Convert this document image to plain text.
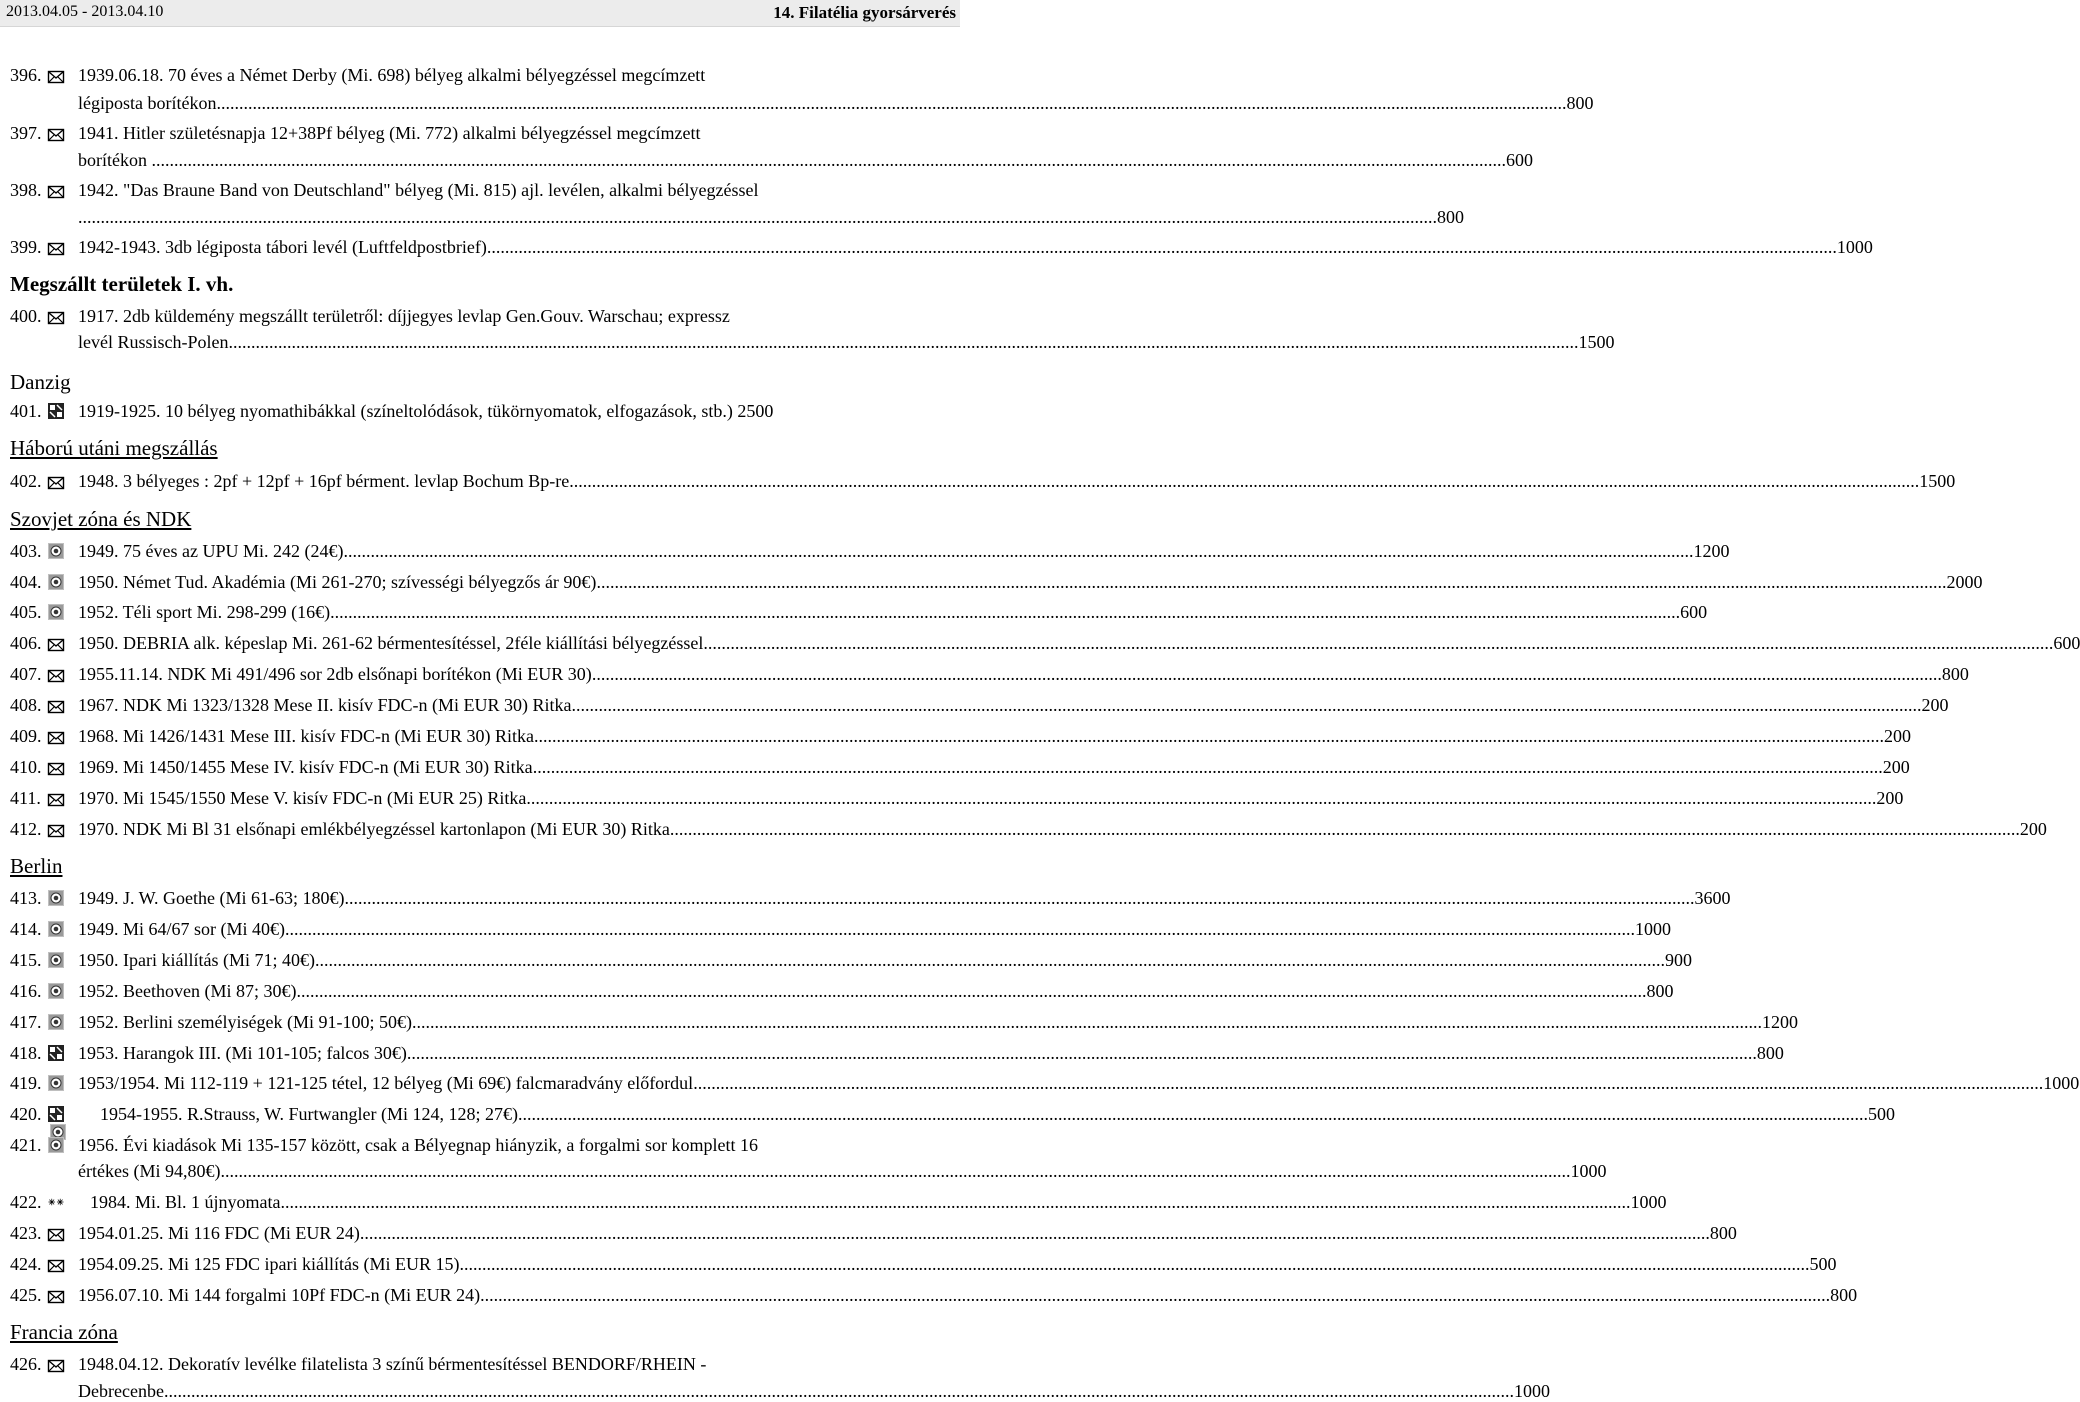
2013.04.05 - 2013.04.10	14. Filatélia gyorsárverés
396. 1939.06.18. 70 éves a Német Derby (Mi. 698) bélyeg alkalmi bélyegzéssel megcímzett
légiposta borítékon ............................................................................................................................................................................................................................................................................................................ 800
397. 1941. Hitler születésnapja 12+38Pf bélyeg (Mi. 772) alkalmi bélyegzéssel megcímzett
borítékon . ............................................................................................................................................................................................................................................................................................................ 600
398. 1942. "Das Braune Band von Deutschland" bélyeg (Mi. 815) ajl. levélen, alkalmi bélyegzéssel
.. ............................................................................................................................................................................................................................................................................................................ 800
399. 1942-1943. 3db légiposta tábori levél (Luftfeldpostbrief) ............................................................................................................................................................................................................................................................................................................ 1000
Megszállt területek I. vh.
400. 1917. 2db küldemény megszállt területről: díjjegyes levlap Gen.Gouv. Warschau; expressz
levél Russisch-Polen ............................................................................................................................................................................................................................................................................................................ 1500
Danzig
401. 1919-1925. 10 bélyeg nyomathibákkal (színeltolódások, tükörnyomatok, elfogazások, stb.) 2500
Háború utáni megszállás
402. 1948. 3 bélyeges : 2pf + 12pf + 16pf bérment. levlap Bochum Bp-re ............................................................................................................................................................................................................................................................................................................ 1500
Szovjet zóna és NDK
403. 1949. 75 éves az UPU Mi. 242 (24€) ............................................................................................................................................................................................................................................................................................................ 1200
404. 1950. Német Tud. Akadémia (Mi 261-270; szívességi bélyegzős ár 90€) ............................................................................................................................................................................................................................................................................................................ 2000
405. 1952. Téli sport Mi. 298-299 (16€) ............................................................................................................................................................................................................................................................................................................ 600
406. 1950. DEBRIA alk. képeslap Mi. 261-62 bérmentesítéssel, 2féle kiállítási bélyegzéssel ............................................................................................................................................................................................................................................................................................................ 600
407. 1955.11.14. NDK Mi 491/496 sor 2db elsőnapi borítékon (Mi EUR 30) ............................................................................................................................................................................................................................................................................................................ 800
408. 1967. NDK Mi 1323/1328 Mese II. kisív FDC-n (Mi EUR 30) Ritka ............................................................................................................................................................................................................................................................................................................ 200
409. 1968. Mi 1426/1431 Mese III. kisív FDC-n (Mi EUR 30) Ritka ............................................................................................................................................................................................................................................................................................................ 200
410. 1969. Mi 1450/1455 Mese IV. kisív FDC-n (Mi EUR 30) Ritka ............................................................................................................................................................................................................................................................................................................ 200
411. 1970. Mi 1545/1550 Mese V. kisív FDC-n (Mi EUR 25) Ritka ............................................................................................................................................................................................................................................................................................................ 200
412. 1970. NDK Mi Bl 31 elsőnapi emlékbélyegzéssel kartonlapon (Mi EUR 30) Ritka ............................................................................................................................................................................................................................................................................................................ 200
Berlin
413. 1949. J. W. Goethe (Mi 61-63; 180€) ............................................................................................................................................................................................................................................................................................................ 3600
414. 1949. Mi 64/67 sor (Mi 40€) ............................................................................................................................................................................................................................................................................................................ 1000
415. 1950. Ipari kiállítás (Mi 71; 40€) ............................................................................................................................................................................................................................................................................................................ 900
416. 1952. Beethoven (Mi 87; 30€) ............................................................................................................................................................................................................................................................................................................ 800
417. 1952. Berlini személyiségek (Mi 91-100; 50€) ............................................................................................................................................................................................................................................................................................................ 1200
418. 1953. Harangok III. (Mi 101-105; falcos 30€) ............................................................................................................................................................................................................................................................................................................ 800
419. 1953/1954. Mi 112-119 + 121-125 tétel, 12 bélyeg (Mi 69€) falcmaradvány előfordul ............................................................................................................................................................................................................................................................................................................ 1000
420.	1954-1955. R.Strauss, W. Furtwangler (Mi 124, 128; 27€) ............................................................................................................................................................................................................................................................................................................ 500
421. 1956. Évi kiadások Mi 135-157 között, csak a Bélyegnap hiányzik, a forgalmi sor komplett 16
értékes (Mi 94,80€) ............................................................................................................................................................................................................................................................................................................ 1000
422.	1984. Mi. Bl. 1 újnyomata ............................................................................................................................................................................................................................................................................................................ 1000
423. 1954.01.25. Mi 116 FDC (Mi EUR 24) ............................................................................................................................................................................................................................................................................................................ 800
424. 1954.09.25. Mi 125 FDC ipari kiállítás (Mi EUR 15) ............................................................................................................................................................................................................................................................................................................ 500
425. 1956.07.10. Mi 144 forgalmi 10Pf FDC-n (Mi EUR 24) ............................................................................................................................................................................................................................................................................................................ 800
Francia zóna
426. 1948.04.12. Dekoratív levélke filatelista 3 színű bérmentesítéssel BENDORF/RHEIN -
Debrecenbe ............................................................................................................................................................................................................................................................................................................ 1000
